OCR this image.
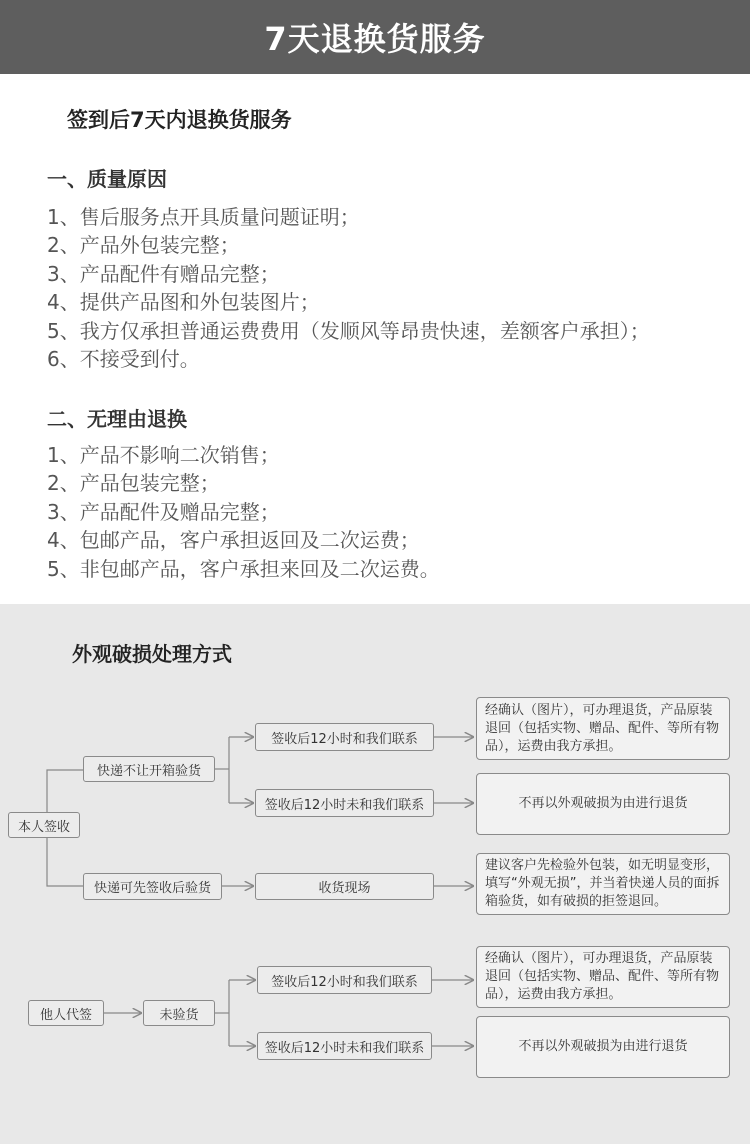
7天退换货服务
签到后7天内退换货服务
一、质量原因
1、售后服务点开具质量问题证明；
2、产品外包装完整；
3、产品配件有赠品完整；
4、提供产品图和外包装图片；
5、我方仅承担普通运费费用（发顺风等昂贵快速，差额客户承担）；
6、不接受到付。
二、无理由退换
1、产品不影响二次销售；
2、产品包装完整；
3、产品配件及赠品完整；
4、包邮产品，客户承担返回及二次运费；
5、非包邮产品，客户承担来回及二次运费。
外观破损处理方式
本人签收
快递不让开箱验货
签收后12小时和我们联系
签收后12小时未和我们联系
经确认（图片），可办理退货，产品原装退回（包括实物、赠品、配件、等所有物品），运费由我方承担。
不再以外观破损为由进行退货
快递可先签收后验货	收货现场
建议客户先检验外包装，如无明显变形，填写“外观无损”，并当着快递人员的面拆箱验货，如有破损的拒签退回。
他人代签	未验货
签收后12小时和我们联系
签收后12小时未和我们联系
经确认（图片），可办理退货，产品原装退回（包括实物、赠品、配件、等所有物品），运费由我方承担。
不再以外观破损为由进行退货
